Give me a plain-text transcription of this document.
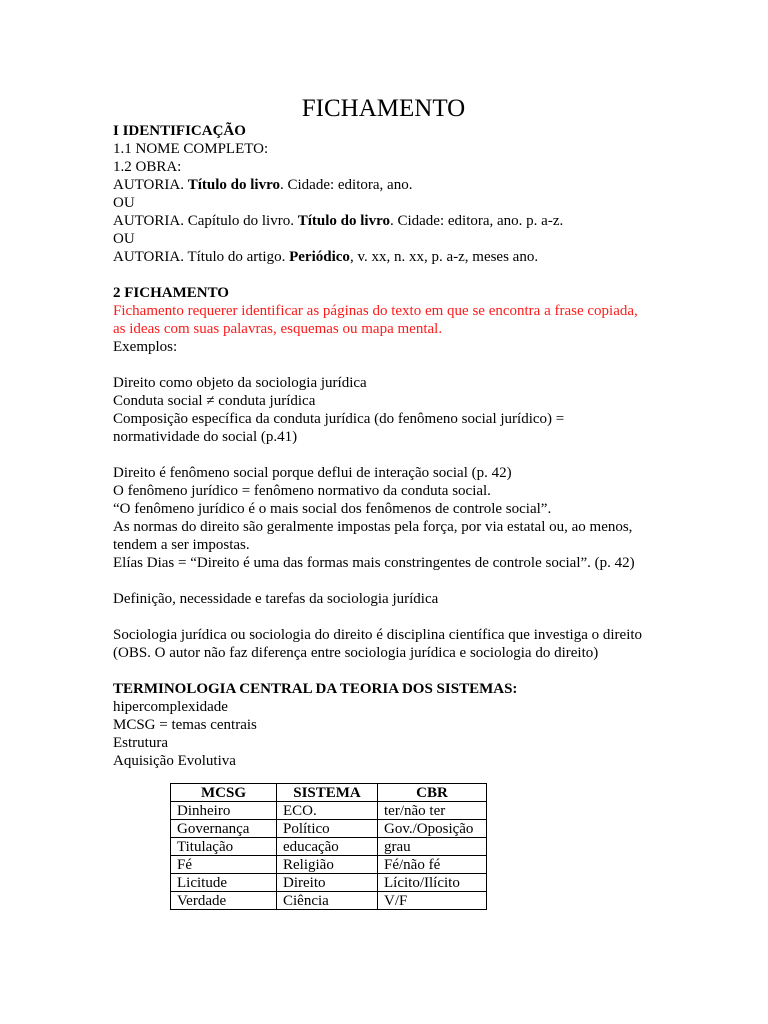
FICHAMENTO
I IDENTIFICAÇÃO
1.1 NOME COMPLETO:
1.2 OBRA:
AUTORIA. Título do livro. Cidade: editora, ano.
OU
AUTORIA. Capítulo do livro. Título do livro. Cidade: editora, ano. p. a-z.
OU
AUTORIA. Título do artigo. Periódico, v. xx, n. xx, p. a-z, meses ano.
2 FICHAMENTO
Fichamento requerer identificar as páginas do texto em que se encontra a frase copiada,
as ideas com suas palavras, esquemas ou mapa mental.
Exemplos:
Direito como objeto da sociologia jurídica
Conduta social ≠ conduta jurídica
Composição específica da conduta jurídica (do fenômeno social jurídico) =
normatividade do social (p.41)
Direito é fenômeno social porque deflui de interação social (p. 42)
O fenômeno jurídico = fenômeno normativo da conduta social.
“O fenômeno jurídico é o mais social dos fenômenos de controle social”.
As normas do direito são geralmente impostas pela força, por via estatal ou, ao menos,
tendem a ser impostas.
Elías Dias = “Direito é uma das formas mais constringentes de controle social”. (p. 42)
Definição, necessidade e tarefas da sociologia jurídica
Sociologia jurídica ou sociologia do direito é disciplina científica que investiga o direito
(OBS. O autor não faz diferença entre sociologia jurídica e sociologia do direito)
TERMINOLOGIA CENTRAL DA TEORIA DOS SISTEMAS:
hipercomplexidade
MCSG = temas centrais
Estrutura
Aquisição Evolutiva
MCSG	SISTEMA	CBR
Dinheiro	ECO.	ter/não ter
Governança	Político	Gov./Oposição
Titulação	educação	grau
Fé	Religião	Fé/não fé
Licitude	Direito	Lícito/Ilícito
Verdade	Ciência	V/F
